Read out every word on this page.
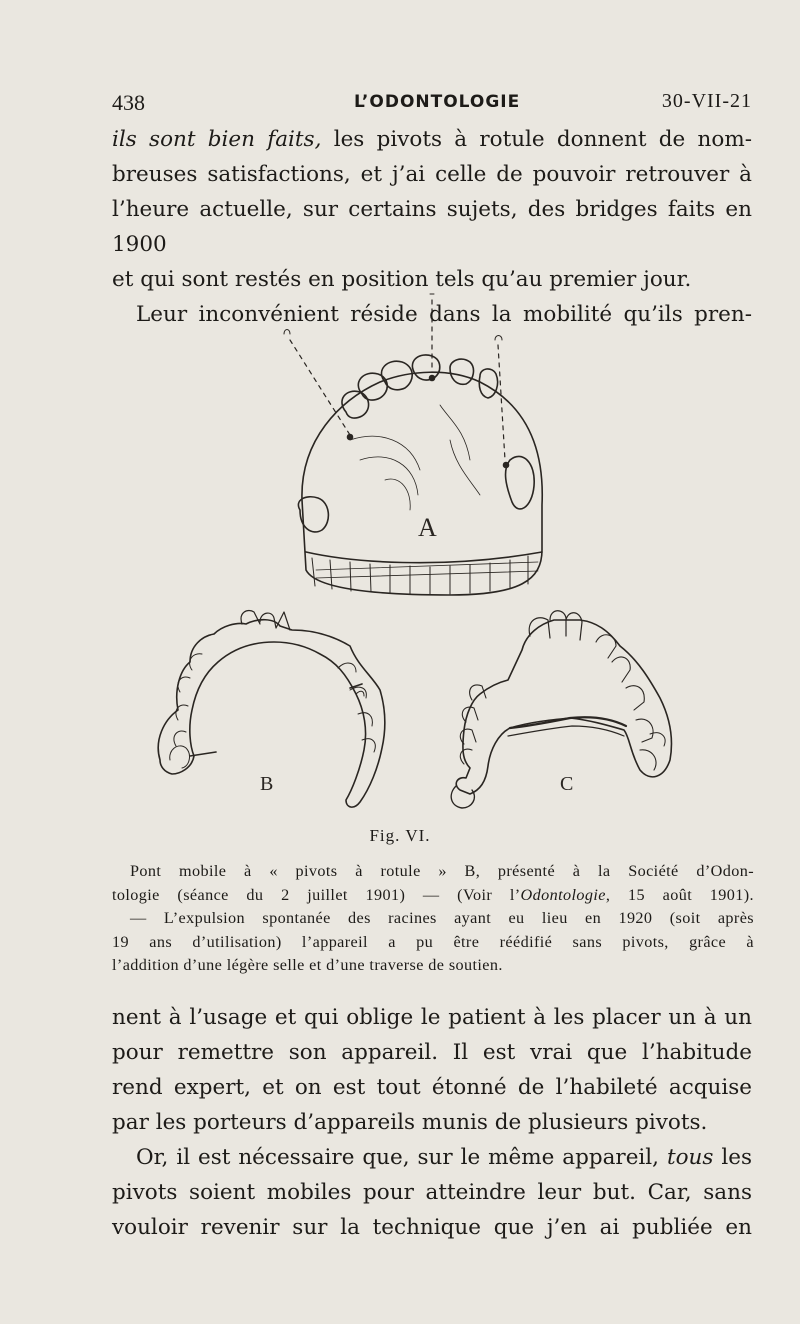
438	L’ODONTOLOGIE	30-VII-21

ils sont bien faits, les pivots à rotule donnent de nom-

breuses satisfactions, et j’ai celle de pouvoir retrouver à

l’heure actuelle, sur certains sujets, des bridges faits en 1900

et qui sont restés en position tels qu’au premier jour.

Leur inconvénient réside dans la mobilité qu’ils pren-

A
B	C
Fig. VI.

Pont mobile à « pivots à rotule » B, présenté à la Société d’Odon-

tologie (séance du 2 juillet 1901) — (Voir l’Odontologie, 15 août 1901).

— L’expulsion spontanée des racines ayant eu lieu en 1920 (soit après

19 ans d’utilisation) l’appareil a pu être réédifié sans pivots, grâce à

l’addition d’une légère selle et d’une traverse de soutien.

nent à l’usage et qui oblige le patient à les placer un à un

pour remettre son appareil. Il est vrai que l’habitude

rend expert, et on est tout étonné de l’habileté acquise

par les porteurs d’appareils munis de plusieurs pivots.

Or, il est nécessaire que, sur le même appareil, tous les

pivots soient mobiles pour atteindre leur but. Car, sans

vouloir revenir sur la technique que j’en ai publiée en
